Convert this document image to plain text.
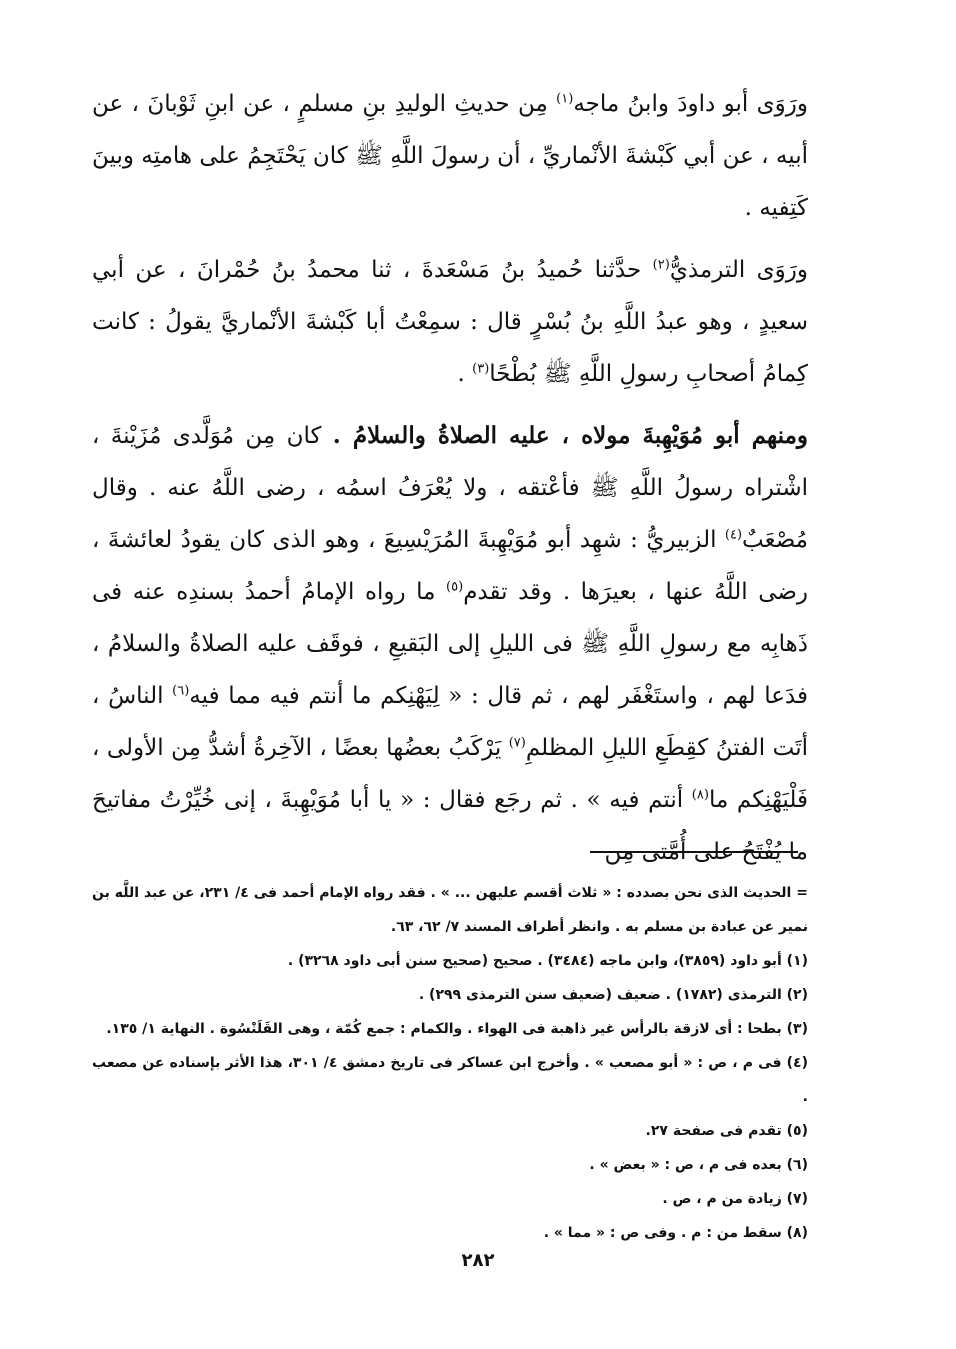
ورَوَى أبو داودَ وابنُ ماجه$^{(١)}$ مِن حديثِ الوليدِ بنِ مسلمٍ ، عن ابنِ ثَوْبانَ ، عن أبيه ، عن أبي كَبْشةَ الأنْماريِّ ، أن رسولَ اللَّهِ ﷺ كان يَحْتَجِمُ على هامتِه وبينَ كَتِفيه .

ورَوَى الترمذيُّ$^{(٢)}$ حدَّثنا حُميدُ بنُ مَسْعَدةَ ، ثنا محمدُ بنُ حُمْرانَ ، عن أبي سعيدٍ ، وهو عبدُ اللَّهِ بنُ بُسْرٍ قال : سمِعْتُ أبا كَبْشةَ الأنْماريَّ يقولُ : كانت كِمامُ أصحابِ رسولِ اللَّهِ ﷺ بُطْحًا$^{(٣)}$ .

ومنهم أبو مُوَيْهِبةَ مولاه ، عليه الصلاةُ والسلامُ . كان مِن مُوَلَّدى مُزَيْنةَ ، اشْتراه رسولُ اللَّهِ ﷺ فأعْتقه ، ولا يُعْرَفُ اسمُه ، رضى اللَّهُ عنه . وقال مُصْعَبٌ$^{(٤)}$ الزبيريُّ : شهِد أبو مُوَيْهِبةَ المُرَيْسِيعَ ، وهو الذى كان يقودُ لعائشةَ ، رضى اللَّهُ عنها ، بعيرَها . وقد تقدم$^{(٥)}$ ما رواه الإمامُ أحمدُ بسندِه عنه فى ذَهابِه مع رسولِ اللَّهِ ﷺ فى الليلِ إلى البَقيعِ ، فوقَف عليه الصلاةُ والسلامُ ، فدَعا لهم ، واستَغْفَر لهم ، ثم قال : « لِيَهْنِكم ما أنتم فيه مما فيه$^{(٦)}$ الناسُ ، أتَت الفتنُ كقِطَعِ الليلِ المظلمِ$^{(٧)}$ يَرْكَبُ بعضُها بعضًا ، الآخِرةُ أشدُّ مِن الأولى ، فَلْيَهْنِكم ما$^{(٨)}$ أنتم فيه » . ثم رجَع فقال : « يا أبا مُوَيْهِبةَ ، إنى خُيِّرْتُ مفاتيحَ ما يُفْتَحُ على أُمَّتى مِن

= الحديث الذى نحن بصدده : « ثلاث أقسم عليهن ... » . فقد رواه الإمام أحمد فى ٤/ ٢٣١، عن عبد اللَّه بن نمير عن عبادة بن مسلم به . وانظر أطراف المسند ٧/ ٦٢، ٦٣.

(١) أبو داود (٣٨٥٩)، وابن ماجه (٣٤٨٤) . صحيح (صحيح سنن أبى داود ٣٢٦٨) .

(٢) الترمذى (١٧٨٢) . ضعيف (ضعيف سنن الترمذى ٢٩٩) .

(٣) بطحا : أى لازقة بالرأس غير ذاهبة فى الهواء . والكمام : جمع كُمّة ، وهى القَلَنْسُوة . النهاية ١/ ١٣٥.

(٤) فى م ، ص : « أبو مصعب » . وأخرج ابن عساكر فى تاريخ دمشق ٤/ ٣٠١، هذا الأثر بإسناده عن مصعب .

(٥) تقدم فى صفحة ٢٧.

(٦) بعده فى م ، ص : « بعض » .

(٧) زيادة من م ، ص .

(٨) سقط من : م . وفى ص : « مما » .

٢٨٢
